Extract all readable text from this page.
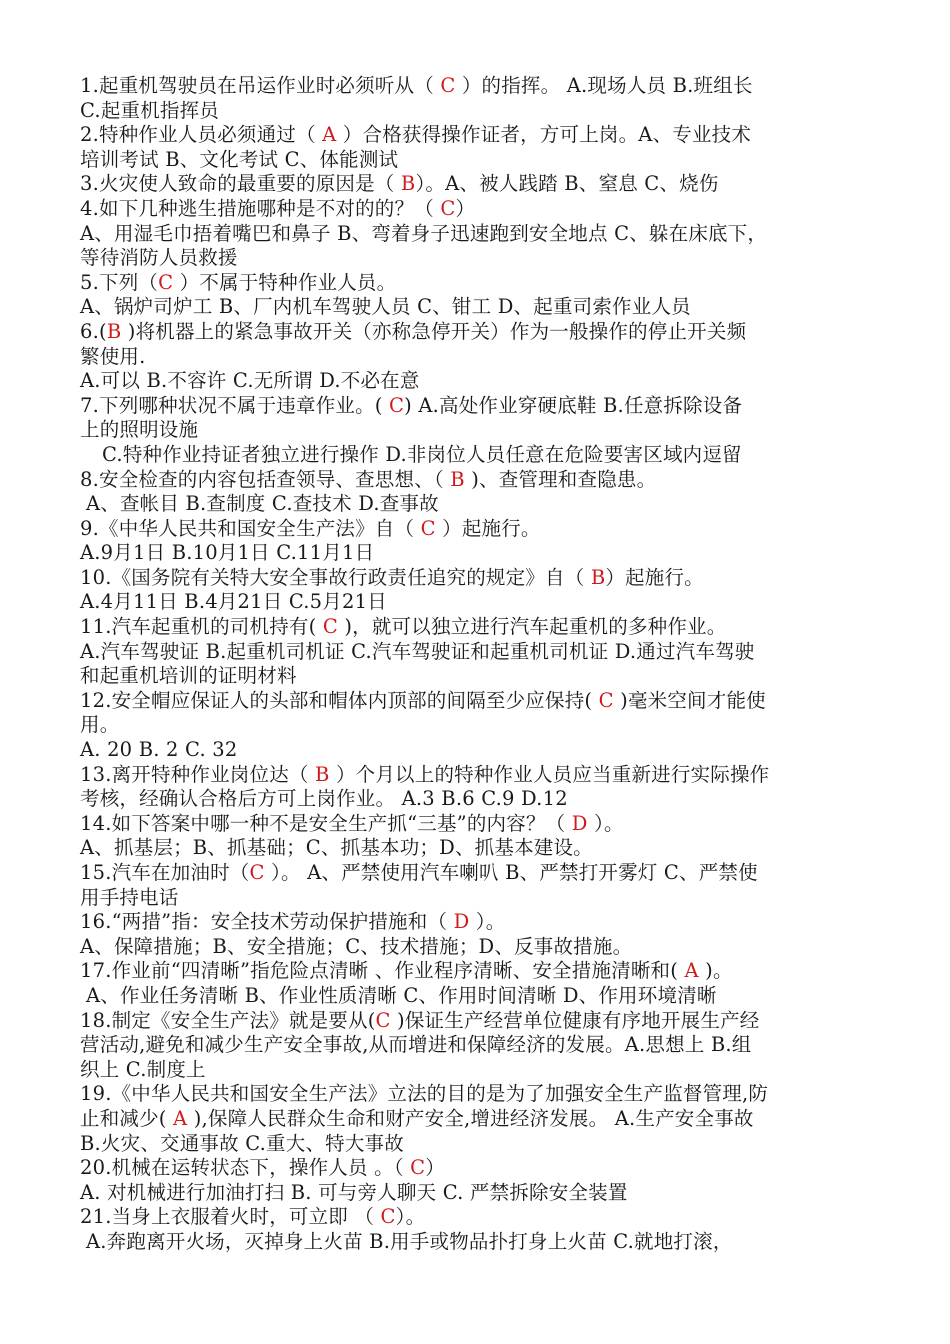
1.起重机驾驶员在吊运作业时必须听从（ C ）的指挥。 A.现场人员 B.班组长
C.起重机指挥员
2.特种作业人员必须通过（ A ）合格获得操作证者，方可上岗。A、专业技术
培训考试 B、文化考试 C、体能测试
3.火灾使人致命的最重要的原因是（ B）。A、被人践踏 B、窒息 C、烧伤
4.如下几种逃生措施哪种是不对的的？（ C）
A、用湿毛巾捂着嘴巴和鼻子 B、弯着身子迅速跑到安全地点 C、躲在床底下，
等待消防人员救援
5.下列（C ）不属于特种作业人员。
A、锅炉司炉工 B、厂内机车驾驶人员 C、钳工 D、起重司索作业人员
6.(B )将机器上的紧急事故开关（亦称急停开关）作为一般操作的停止开关频
繁使用.
A.可以 B.不容许 C.无所谓 D.不必在意
7.下列哪种状况不属于违章作业。( C) A.高处作业穿硬底鞋 B.任意拆除设备
上的照明设施
C.特种作业持证者独立进行操作 D.非岗位人员任意在危险要害区域内逗留
8.安全检查的内容包括查领导、查思想、（ B )、查管理和查隐患。
A、查帐目 B.查制度 C.查技术 D.查事故
9.《中华人民共和国安全生产法》自（ C ）起施行。
A.9月1日 B.10月1日 C.11月1日
10.《国务院有关特大安全事故行政责任追究的规定》自（ B）起施行。
A.4月11日 B.4月21日 C.5月21日
11.汽车起重机的司机持有( C )，就可以独立进行汽车起重机的多种作业。
A.汽车驾驶证 B.起重机司机证 C.汽车驾驶证和起重机司机证 D.通过汽车驾驶
和起重机培训的证明材料
12.安全帽应保证人的头部和帽体内顶部的间隔至少应保持( C )毫米空间才能使
用。
A. 20 B. 2 C. 32
13.离开特种作业岗位达（ B ）个月以上的特种作业人员应当重新进行实际操作
考核，经确认合格后方可上岗作业。 A.3 B.6 C.9 D.12
14.如下答案中哪一种不是安全生产抓“三基”的内容？（ D ）。
A、抓基层；B、抓基础；C、抓基本功；D、抓基本建设。
15.汽车在加油时（C ）。 A、严禁使用汽车喇叭 B、严禁打开雾灯 C、严禁使
用手持电话
16.“两措”指：安全技术劳动保护措施和（ D ）。
A、保障措施；B、安全措施；C、技术措施；D、反事故措施。
17.作业前“四清晰”指危险点清晰 、作业程序清晰、安全措施清晰和( A )。
A、作业任务清晰 B、作业性质清晰 C、作用时间清晰 D、作用环境清晰
18.制定《安全生产法》就是要从(C )保证生产经营单位健康有序地开展生产经
营活动,避免和减少生产安全事故,从而增进和保障经济的发展。A.思想上 B.组
织上 C.制度上
19.《中华人民共和国安全生产法》立法的目的是为了加强安全生产监督管理,防
止和减少( A ),保障人民群众生命和财产安全,增进经济发展。 A.生产安全事故
B.火灾、交通事故 C.重大、特大事故
20.机械在运转状态下，操作人员 。（ C）
A. 对机械进行加油打扫 B. 可与旁人聊天 C. 严禁拆除安全装置
21.当身上衣服着火时，可立即 （ C）。
A.奔跑离开火场，灭掉身上火苗 B.用手或物品扑打身上火苗 C.就地打滚，
